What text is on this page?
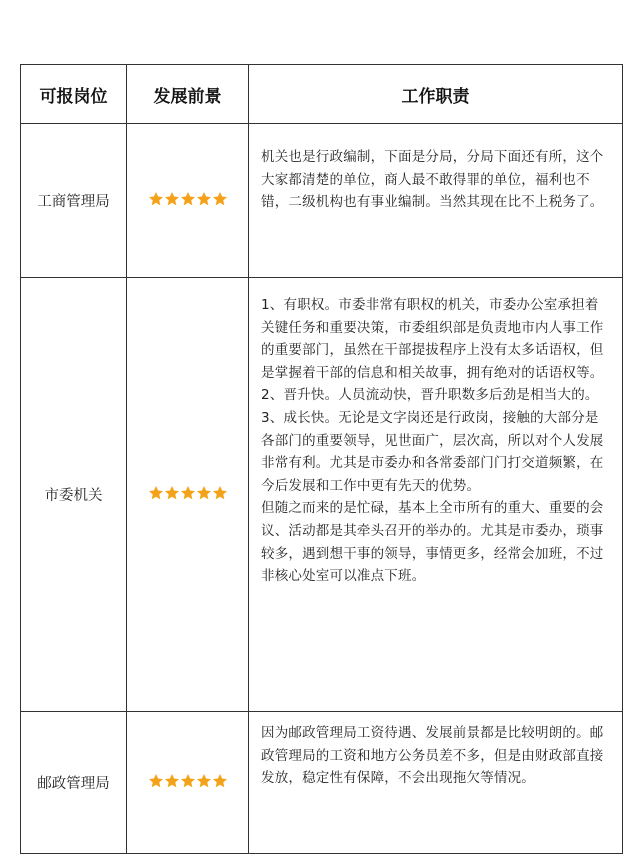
可报岗位	发展前景	工作职责
工商管理局		机关也是行政编制，下面是分局，分局下面还有所，这个大家都清楚的单位，商人最不敢得罪的单位，福利也不错，二级机构也有事业编制。当然其现在比不上税务了。

市委机关		1、有职权。市委非常有职权的机关，市委办公室承担着关键任务和重要决策，市委组织部是负责地市内人事工作的重要部门，虽然在干部提拔程序上没有太多话语权，但是掌握着干部的信息和相关故事，拥有绝对的话语权等。

2、晋升快。人员流动快，晋升职数多后劲是相当大的。

3、成长快。无论是文字岗还是行政岗，接触的大部分是各部门的重要领导，见世面广，层次高，所以对个人发展非常有利。尤其是市委办和各常委部门门打交道频繁，在今后发展和工作中更有先天的优势。

但随之而来的是忙碌，基本上全市所有的重大、重要的会议、活动都是其牵头召开的举办的。尤其是市委办，琐事较多，遇到想干事的领导，事情更多，经常会加班，不过非核心处室可以准点下班。

邮政管理局		因为邮政管理局工资待遇、发展前景都是比较明朗的。邮政管理局的工资和地方公务员差不多，但是由财政部直接发放，稳定性有保障，不会出现拖欠等情况。
